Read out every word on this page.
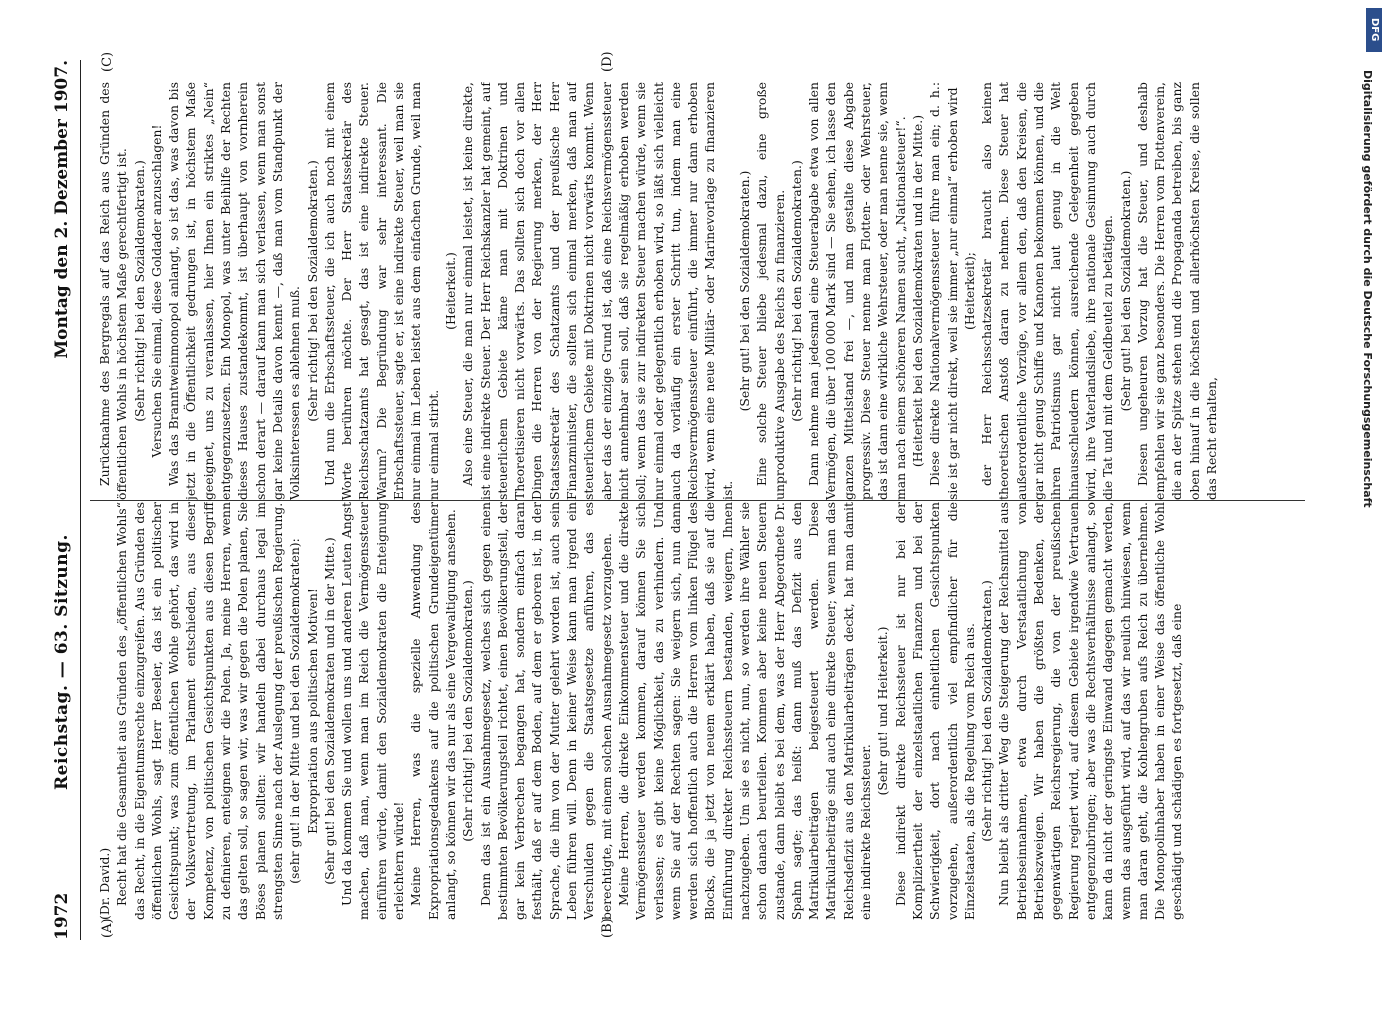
1972
Reichstag. — 63. Sitzung.
Montag den 2. Dezember 1907.
(A)	(B)
(C)	(D)

(Dr. David.) Recht hat die Gesamtheit aus Gründen des „öffentlichen Wohls“ das Recht, in die Eigentumsrechte einzugreifen. Aus Gründen des öffentlichen Wohls, sagt Herr Beseler, das ist ein politischer Gesichtspunkt; was zum öffentlichen Wohle gehört, das wird in der Volksvertretung, im Parlament entschieden, aus dieser Kompetenz, von politischen Gesichtspunkten aus diesen Begriff zu definieren, enteignen wir die Polen. Ja, meine Herren, wenn das gelten soll, so sagen wir, was wir gegen die Polen planen, Sie Böses planen sollten: wir handeln dabei durchaus legal im strengsten Sinne nach der Auslegung der preußischen Regierung. (sehr gut! in der Mitte und bei den Sozialdemokraten): Expropriation aus politischen Motiven! (Sehr gut! bei den Sozialdemokraten und in der Mitte.) Und da kommen Sie und wollen uns und anderen Leuten Angst machen, daß man, wenn man im Reich die Vermögenssteuer einführen würde, damit den Sozialdemokraten die Enteignung erleichtern würde! Meine Herren, was die spezielle Anwendung des Expropriationsgedankens auf die politischen Grundeigentümer anlangt, so können wir das nur als eine Vergewaltigung ansehen. (Sehr richtig! bei den Sozialdemokraten.) Denn das ist ein Ausnahmegesetz, welches sich gegen einen bestimmten Bevölkerungsteil richtet, einen Bevölkerungsteil, der gar kein Verbrechen begangen hat, sondern einfach daran festhält, daß er auf dem Boden, auf dem er geboren ist, in der Sprache, die ihm von der Mutter gelehrt worden ist, auch sein Leben führen will. Denn in keiner Weise kann man irgend ein Verschulden gegen die Staatsgesetze anführen, das es berechtigte, mit einem solchen Ausnahmegesetz vorzugehen. Meine Herren, die direkte Einkommensteuer und die direkte Vermögenssteuer werden kommen, darauf können Sie sich verlassen; es gibt keine Möglichkeit, das zu verhindern. Und wenn Sie auf der Rechten sagen: Sie weigern sich, nun dann werden sich hoffentlich auch die Herren vom linken Flügel des Blocks, die ja jetzt von neuem erklärt haben, daß sie auf die Einführung direkter Reichssteuern bestanden, weigern, Ihnen nachzugeben. Um sie es nicht, nun, so werden ihre Wähler sie schon danach beurteilen. Kommen aber keine neuen Steuern zustande, dann bleibt es bei dem, was der Herr Abgeordnete Dr. Spahn sagte; das heißt: dann muß das Defizit aus den Matrikularbeiträgen beigesteuert werden. Diese Matrikularbeiträge sind auch eine direkte Steuer; wenn man das Reichsdefizit aus den Matrikularbeiträgen deckt, hat man damit eine indirekte Reichssteuer.

(Sehr gut! und Heiterkeit.) Diese indirekt direkte Reichssteuer ist nur bei der Kompliziertheit der einzelstaatlichen Finanzen und bei der Schwierigkeit, dort nach einheitlichen Gesichtspunkten vorzugehen, außerordentlich viel empfindlicher für die Einzelstaaten, als die Regelung vom Reich aus. (Sehr richtig! bei den Sozialdemokraten.) Nun bleibt als dritter Weg die Steigerung der Reichsmittel aus Betriebseinnahmen, etwa durch Verstaatlichung von Betriebszweigen. Wir haben die größten Bedenken, der gegenwärtigen Reichsregierung, die von der preußischen Regierung regiert wird, auf diesem Gebiete irgendwie Vertrauen entgegenzubringen; aber was die Rechtsverhältnisse anlangt, so kann da nicht der geringste Einwand dagegen gemacht werden, wenn das ausgeführt wird, auf das wir neulich hinwiesen, wenn man daran geht, die Kohlengruben aufs Reich zu übernehmen. Die Monopolinhaber haben in einer Weise das öffentliche Wohl geschädigt und schädigen es fortgesetzt, daß eine

Zurücknahme des Bergregals auf das Reich aus Gründen des öffentlichen Wohls in höchstem Maße gerechtfertigt ist. (Sehr richtig! bei den Sozialdemokraten.) Versuchen Sie einmal, diese Goldader anzuschlagen! Was das Branntweinmonopol anlangt, so ist das, was davon bis jetzt in die Öffentlichkeit gedrungen ist, in höchstem Maße geeignet, uns zu veranlassen, hier Ihnen ein striktes „Nein“ entgegenzusetzen. Ein Monopol, was unter Beihilfe der Rechten dieses Hauses zustandekommt, ist überhaupt von vornherein schon derart — darauf kann man sich verlassen, wenn man sonst gar keine Details davon kennt —, daß man vom Standpunkt der Volksinteressen es ablehnen muß. (Sehr richtig! bei den Sozialdemokraten.) Und nun die Erbschaftssteuer, die ich auch noch mit einem Worte berühren möchte. Der Herr Staatssekretär des Reichsschatzamts hat gesagt, das ist eine indirekte Steuer. Warum? Die Begründung war sehr interessant. Die Erbschaftssteuer, sagte er, ist eine indirekte Steuer, weil man sie nur einmal im Leben leistet aus dem einfachen Grunde, weil man nur einmal stirbt.

(Heiterkeit.) Also eine Steuer, die man nur einmal leistet, ist keine direkte, ist eine indirekte Steuer. Der Herr Reichskanzler hat gemeint, auf steuerlichem Gebiete käme man mit Doktrinen und Theoretisieren nicht vorwärts. Das sollten sich doch vor allen Dingen die Herren von der Regierung merken, der Herr Staatssekretär des Schatzamts und der preußische Herr Finanzminister, die sollten sich einmal merken, daß man auf steuerlichem Gebiete mit Doktrinen nicht vorwärts kommt. Wenn aber das der einzige Grund ist, daß eine Reichsvermögenssteuer nicht annehmbar sein soll, daß sie regelmäßig erhoben werden soll; wenn das sie zur indirekten Steuer machen würde, wenn sie nur einmal oder gelegentlich erhoben wird, so läßt sich vielleicht auch da vorläufig ein erster Schritt tun, indem man eine Reichsvermögenssteuer einführt, die immer nur dann erhoben wird, wenn eine neue Militär- oder Marinevorlage zu finanzieren ist.

(Sehr gut! bei den Sozialdemokraten.) Eine solche Steuer bliebe jedesmal dazu, eine große unproduktive Ausgabe des Reichs zu finanzieren. (Sehr richtig! bei den Sozialdemokraten.) Dann nehme man jedesmal eine Steuerabgabe etwa von allen Vermögen, die über 100 000 Mark sind — Sie sehen, ich lasse den ganzen Mittelstand frei —, und man gestalte diese Abgabe progressiv. Diese Steuer nenne man Flotten- oder Wehrsteuer, das ist dann eine wirkliche Wehrsteuer, oder man nenne sie, wenn man nach einem schöneren Namen sucht, „Nationalsteuer!“. (Heiterkeit bei den Sozialdemokraten und in der Mitte.) Diese direkte Nationalvermögenssteuer führe man ein; d. h.: sie ist gar nicht direkt, weil sie immer „nur einmal“ erhoben wird (Heiterkeit); der Herr Reichsschatzsekretär braucht also keinen theoretischen Anstoß daran zu nehmen. Diese Steuer hat außerordentliche Vorzüge, vor allem den, daß den Kreisen, die gar nicht genug Schiffe und Kanonen bekommen können, und die ihren Patriotismus gar nicht laut genug in die Welt hinausschleudern können, ausreichende Gelegenheit gegeben wird, ihre Vaterlandsliebe, ihre nationale Gesinnung auch durch die Tat und mit dem Geldbeutel zu betätigen. (Sehr gut! bei den Sozialdemokraten.) Diesen ungeheuren Vorzug hat die Steuer, und deshalb empfehlen wir sie ganz besonders. Die Herren vom Flottenverein, die an der Spitze stehen und die Propaganda betreiben, bis ganz oben hinauf in die höchsten und allerhöchsten Kreise, die sollen das Recht erhalten,	Digitalisierung gefördert durch die Deutsche Forschungsgemeinschaft
DFG
